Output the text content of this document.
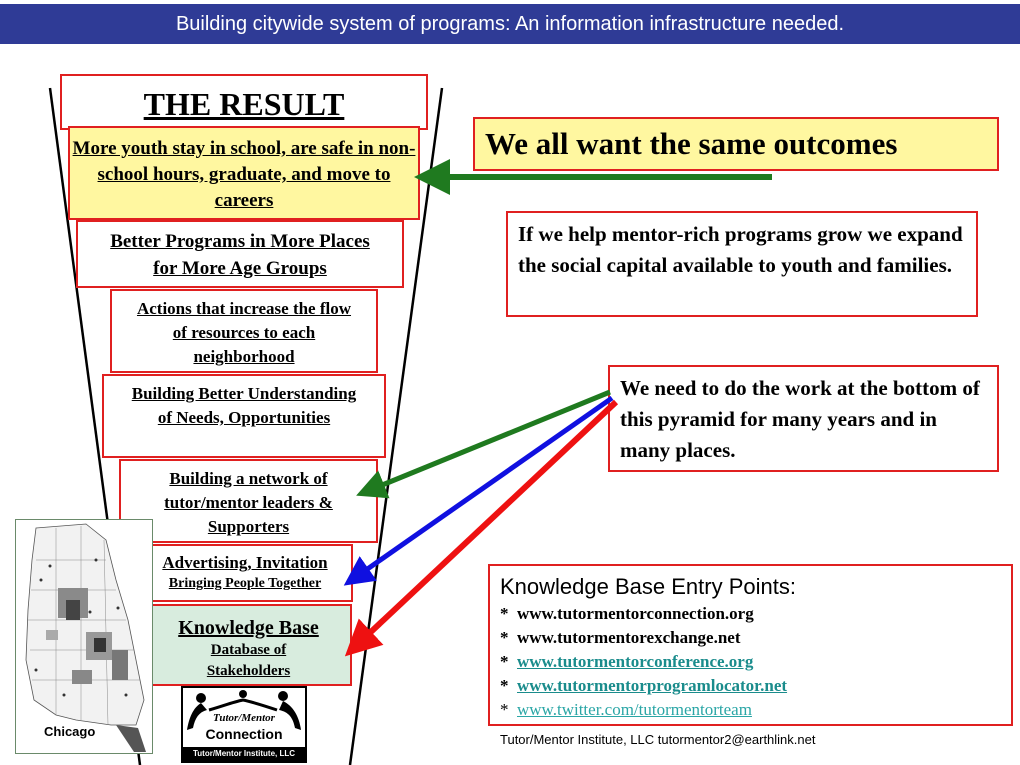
Building citywide system of programs: An information infrastructure needed.
THE RESULT
More youth stay in school, are safe in non-school hours, graduate, and move to careers
Better Programs in More Places for More Age Groups
Actions that increase the flow of resources to each neighborhood
Building Better Understanding of Needs, Opportunities
Building a network of tutor/mentor leaders & Supporters
Advertising, Invitation
Bringing People Together
Knowledge Base
Database of Stakeholders
Chicago
Tutor/Mentor
Connection
Tutor/Mentor Institute, LLC
We all want the same outcomes
If we help mentor-rich programs grow we expand the social capital available to youth and families.
We need to do the work at the bottom of this pyramid for many years and in many places.
Knowledge Base Entry Points:
* www.tutormentorconnection.org
* www.tutormentorexchange.net
* www.tutormentorconference.org
* www.tutormentorprogramlocator.net
* www.twitter.com/tutormentorteam
Tutor/Mentor Institute, LLC tutormentor2@earthlink.net
